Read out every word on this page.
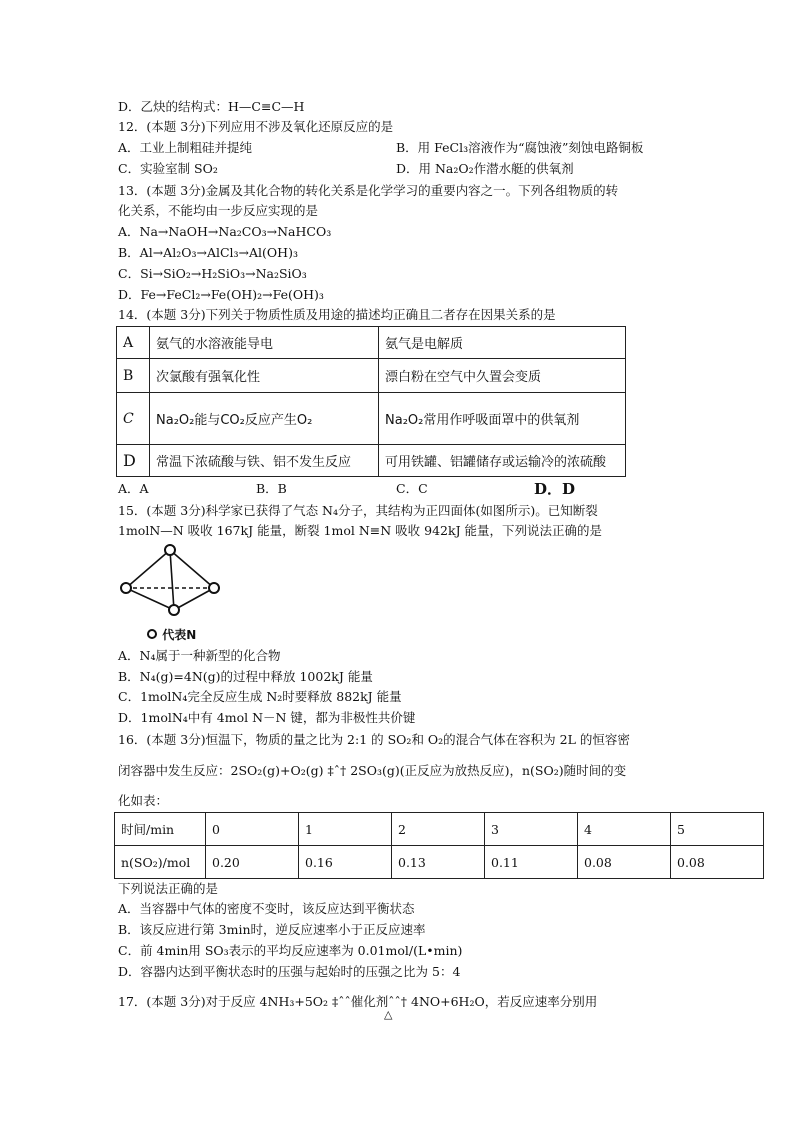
D．乙炔的结构式：H—C≡C—H
12．(本题 3分)下列应用不涉及氧化还原反应的是
A．工业上制粗硅并提纯	B．用 FeCl₃溶液作为“腐蚀液”刻蚀电路铜板
C．实验室制 SO₂	D．用 Na₂O₂作潜水艇的供氧剂
13．(本题 3分)金属及其化合物的转化关系是化学学习的重要内容之一。下列各组物质的转
化关系，不能均由一步反应实现的是
A．Na→NaOH→Na₂CO₃→NaHCO₃
B．Al→Al₂O₃→AlCl₃→Al(OH)₃
C．Si→SiO₂→H₂SiO₃→Na₂SiO₃
D．Fe→FeCl₂→Fe(OH)₂→Fe(OH)₃
14．(本题 3分)下列关于物质性质及用途的描述均正确且二者存在因果关系的是
A	氨气的水溶液能导电	氨气是电解质
B	次氯酸有强氧化性	漂白粉在空气中久置会变质
C	Na₂O₂能与CO₂反应产生O₂	Na₂O₂常用作呼吸面罩中的供氧剂
D	常温下浓硫酸与铁、铝不发生反应	可用铁罐、铝罐储存或运输冷的浓硫酸
A．A	B．B	C．C	D．D
15．(本题 3分)科学家已获得了气态 N₄分子，其结构为正四面体(如图所示)。已知断裂
1molN—N 吸收 167kJ 能量，断裂 1mol N≡N 吸收 942kJ 能量，下列说法正确的是
代表N
A．N₄属于一种新型的化合物
B．N₄(g)=4N(g)的过程中释放 1002kJ 能量
C．1molN₄完全反应生成 N₂时要释放 882kJ 能量
D．1molN₄中有 4mol N－N 键，都为非极性共价键
16．(本题 3分)恒温下，物质的量之比为 2:1 的 SO₂和 O₂的混合气体在容积为 2L 的恒容密
闭容器中发生反应：2SO₂(g)+O₂(g) ‡ˆ† 2SO₃(g)(正反应为放热反应)，n(SO₂)随时间的变
化如表：
时间/min	0	1	2	3	4	5
n(SO₂)/mol	0.20	0.16	0.13	0.11	0.08	0.08
下列说法正确的是
A．当容器中气体的密度不变时，该反应达到平衡状态
B．该反应进行第 3min时，逆反应速率小于正反应速率
C．前 4min用 SO₃表示的平均反应速率为 0.01mol/(L•min)
D．容器内达到平衡状态时的压强与起始时的压强之比为 5：4
17．(本题 3分)对于反应 4NH₃+5O₂ ‡ˆˆ催化剂ˆˆ† 4NO+6H₂O，若反应速率分别用
△
